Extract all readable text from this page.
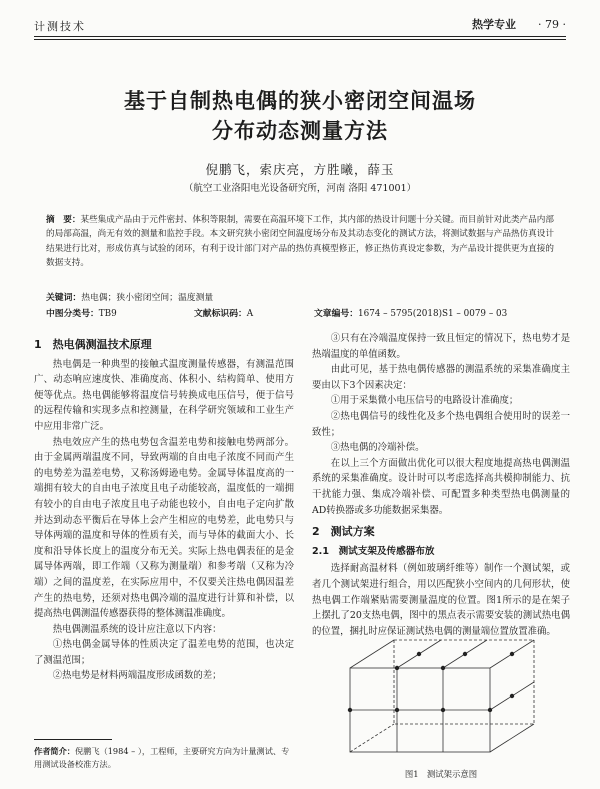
计测技术	热学专业 · 79 ·
基于自制热电偶的狭小密闭空间温场
分布动态测量方法
倪鹏飞，索庆亮，方胜曦，薛玉
（航空工业洛阳电光设备研究所，河南 洛阳 471001）
摘　要：某些集成产品由于元件密封、体积等限制，需要在高温环境下工作，其内部的热设计问题十分关键。而目前针对此类产品内部的局部高温，尚无有效的测量和监控手段。本文研究狭小密闭空间温度场分布及其动态变化的测试方法，将测试数据与产品热仿真设计结果进行比对，形成仿真与试验的闭环，有利于设计部门对产品的热仿真模型修正，修正热仿真设定参数，为产品设计提供更为直接的数据支持。
关键词：热电偶；狭小密闭空间；温度测量
中图分类号：TB9	文献标识码：A	文章编号：1674 – 5795(2018)S1 – 0079 – 03

1　热电偶测温技术原理

热电偶是一种典型的接触式温度测量传感器，有测温范围广、动态响应速度快、准确度高、体积小、结构简单、使用方便等优点。热电偶能够将温度信号转换成电压信号，便于信号的远程传输和实现多点和控测量，在科学研究领域和工业生产中应用非常广泛。

热电效应产生的热电势包含温差电势和接触电势两部分。由于金属两端温度不同，导致两端的自由电子浓度不同而产生的电势差为温差电势，又称汤姆逊电势。金属导体温度高的一端拥有较大的自由电子浓度且电子动能较高，温度低的一端拥有较小的自由电子浓度且电子动能也较小，自由电子定向扩散并达到动态平衡后在导体上会产生相应的电势差，此电势只与导体两端的温度和导体的性质有关，而与导体的截面大小、长度和沿导体长度上的温度分布无关。实际上热电偶表征的是金属导体两端，即工作端（又称为测量端）和参考端（又称为冷端）之间的温度差，在实际应用中，不仅要关注热电偶因温差产生的热电势，还须对热电偶冷端的温度进行计算和补偿，以提高热电偶测温传感器获得的整体测温准确度。

热电偶测温系统的设计应注意以下内容：

①热电偶金属导体的性质决定了温差电势的范围，也决定了测温范围；

②热电势是材料两端温度形成函数的差；

作者简介：倪鹏飞（1984 – ），工程师，主要研究方向为计量测试、专用测试设备校准方法。

③只有在冷端温度保持一致且恒定的情况下，热电势才是热端温度的单值函数。

由此可见，基于热电偶传感器的测温系统的采集准确度主要由以下3个因素决定：

①用于采集微小电压信号的电路设计准确度；

②热电偶信号的线性化及多个热电偶组合使用时的误差一致性；

③热电偶的冷端补偿。

在以上三个方面做出优化可以很大程度地提高热电偶测温系统的采集准确度。设计时可以考虑选择高共模抑制能力、抗干扰能力强、集成冷端补偿、可配置多种类型热电偶测量的AD转换器或多功能数据采集器。

2　测试方案

2.1　测试支架及传感器布放

选择耐高温材料（例如玻璃纤维等）制作一个测试架，或者几个测试架进行组合，用以匹配狭小空间内的几何形状，使热电偶工作端紧贴需要测量温度的位置。图1所示的是在架子上摆扎了20支热电偶，图中的黑点表示需要安装的测试热电偶的位置，捆扎时应保证测试热电偶的测量端位置放置准确。

图1　测试架示意图
